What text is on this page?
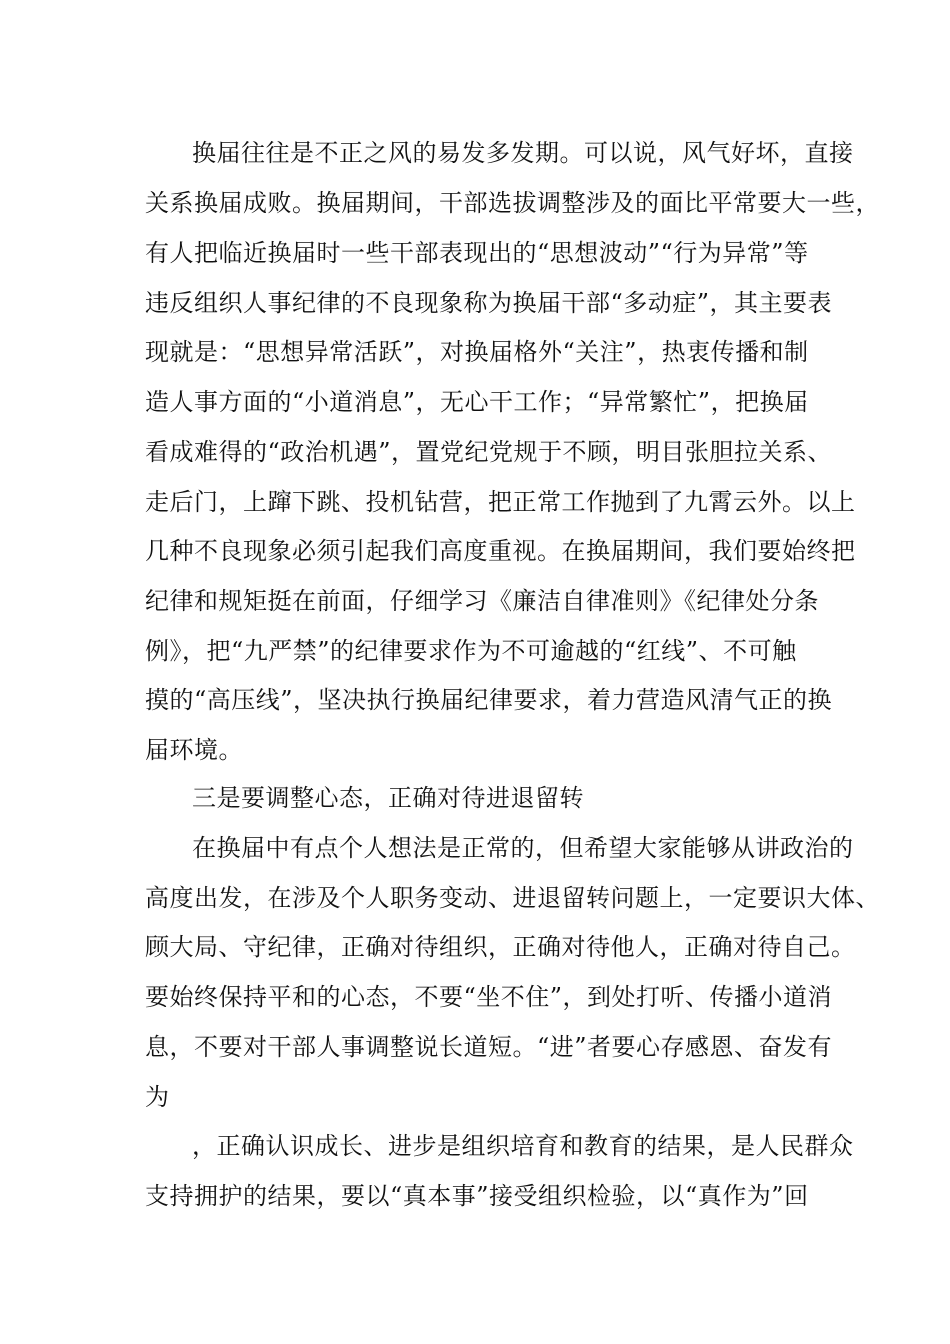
换届往往是不正之风的易发多发期。可以说，风气好坏，直接
关系换届成败。换届期间，干部选拔调整涉及的面比平常要大一些，
有人把临近换届时一些干部表现出的“思想波动”“行为异常”等
违反组织人事纪律的不良现象称为换届干部“多动症”，其主要表
现就是：“思想异常活跃”，对换届格外“关注”，热衷传播和制
造人事方面的“小道消息”，无心干工作；“异常繁忙”，把换届
看成难得的“政治机遇”，置党纪党规于不顾，明目张胆拉关系、
走后门，上蹿下跳、投机钻营，把正常工作抛到了九霄云外。以上
几种不良现象必须引起我们高度重视。在换届期间，我们要始终把
纪律和规矩挺在前面，仔细学习《廉洁自律准则》《纪律处分条
例》，把“九严禁”的纪律要求作为不可逾越的“红线”、不可触
摸的“高压线”，坚决执行换届纪律要求，着力营造风清气正的换
届环境。
三是要调整心态，正确对待进退留转
在换届中有点个人想法是正常的，但希望大家能够从讲政治的
高度出发，在涉及个人职务变动、进退留转问题上，一定要识大体、
顾大局、守纪律，正确对待组织，正确对待他人，正确对待自己。
要始终保持平和的心态，不要“坐不住”，到处打听、传播小道消
息，不要对干部人事调整说长道短。“进”者要心存感恩、奋发有
为
，正确认识成长、进步是组织培育和教育的结果，是人民群众
支持拥护的结果，要以“真本事”接受组织检验，以“真作为”回
